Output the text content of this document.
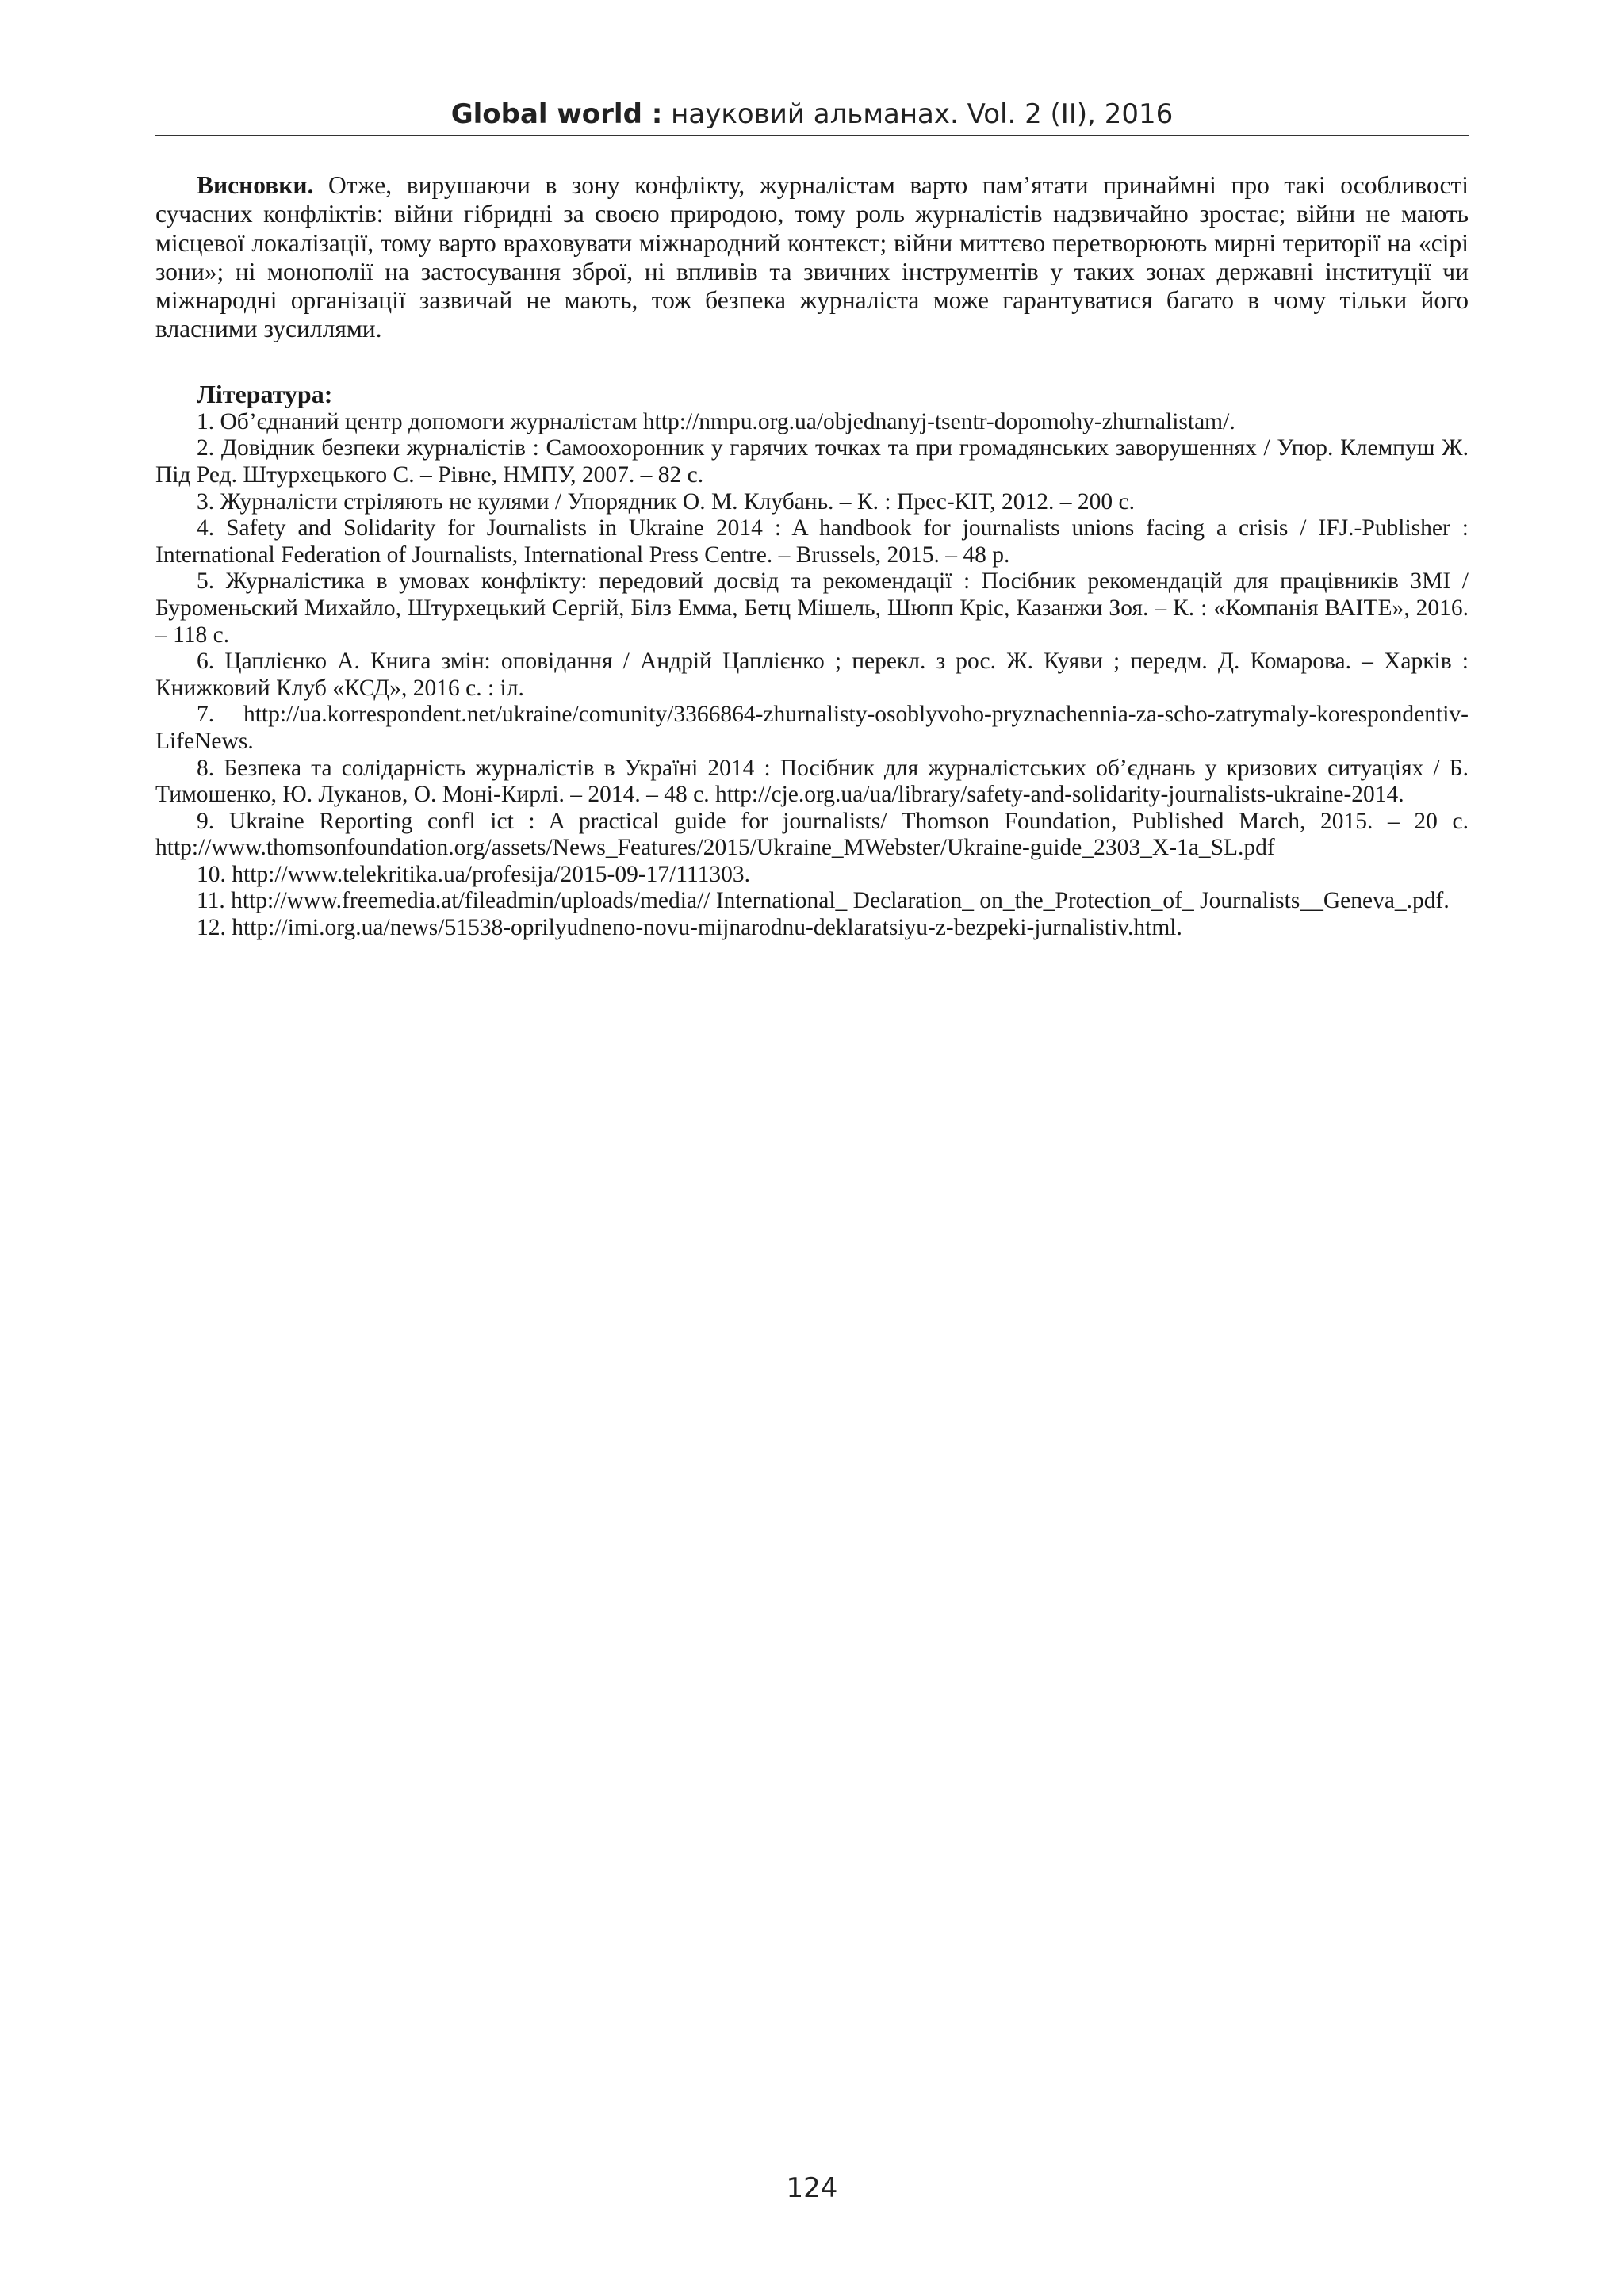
Global world : науковий альманах. Vol. 2 (II), 2016

Висновки. Отже, вирушаючи в зону конфлікту, журналістам варто пам’ятати принаймні про такі особливості сучасних конфліктів: війни гібридні за своєю природою, тому роль журналістів надзвичайно зростає; війни не мають місцевої локалізації, тому варто враховувати міжнародний контекст; війни миттєво перетворюють мирні території на «сірі зони»; ні монополії на застосування зброї, ні впливів та звичних інструментів у таких зонах державні інституції чи міжнародні організації зазвичай не мають, тож безпека журналіста може гарантуватися багато в чому тільки його власними зусиллями.

Література:

1. Об’єднаний центр допомоги журналістам http://nmpu.org.ua/objednanyj-tsentr-dopomohy-zhurnalistam/.

2. Довідник безпеки журналістів : Самоохоронник у гарячих точках та при громадянських заворушеннях / Упор. Клемпуш Ж. Під Ред. Штурхецького С. – Рівне, НМПУ, 2007. – 82 с.

3. Журналісти стріляють не кулями / Упорядник О. М. Клубань. – К. : Прес-КІТ, 2012. – 200 с.

4. Safety and Solidarity for Journalists in Ukraine 2014 : A handbook for journalists unions facing a crisis / IFJ.-Publisher : International Federation of Journalists, International Press Centre. – Brussels, 2015. – 48 p.

5. Журналістика в умовах конфлікту: передовий досвід та рекомендації : Посібник рекомендацій для працівників ЗМІ / Буроменьский Михайло, Штурхецький Сергій, Білз Емма, Бетц Мішель, Шюпп Кріс, Казанжи Зоя. – К. : «Компанія ВАІТЕ», 2016. – 118 с.

6. Цаплієнко А. Книга змін: оповідання / Андрій Цаплієнко ; перекл. з рос. Ж. Куяви ; передм. Д. Комарова. – Харків : Книжковий Клуб «КСД», 2016 с. : іл.

7. http://ua.korrespondent.net/ukraine/comunity/3366864-zhurnalisty-osoblyvoho-pryznachennia-za-scho-zatrymaly-korespondentiv-LifeNews.

8. Безпека та солідарність журналістів в Україні 2014 : Посібник для журналістських об’єднань у кризових ситуаціях / Б. Тимошенко, Ю. Луканов, О. Моні-Кирлі. – 2014. – 48 с. http://cje.org.ua/ua/library/safety-and-solidarity-journalists-ukraine-2014.

9. Ukraine Reporting confl ict : A practical guide for journalists/ Thomson Foundation, Published March, 2015. – 20 с. http://www.thomsonfoundation.org/assets/News_Features/2015/Ukraine_MWebster/Ukraine-guide_2303_X-1a_SL.pdf

10. http://www.telekritika.ua/profesija/2015-09-17/111303.

11. http://www.freemedia.at/fileadmin/uploads/media// International_ Declaration_ on_the_Protection_of_ Journalists__Geneva_.pdf.

12. http://imi.org.ua/news/51538-oprilyudneno-novu-mijnarodnu-deklaratsiyu-z-bezpeki-jurnalistiv.html.

124
